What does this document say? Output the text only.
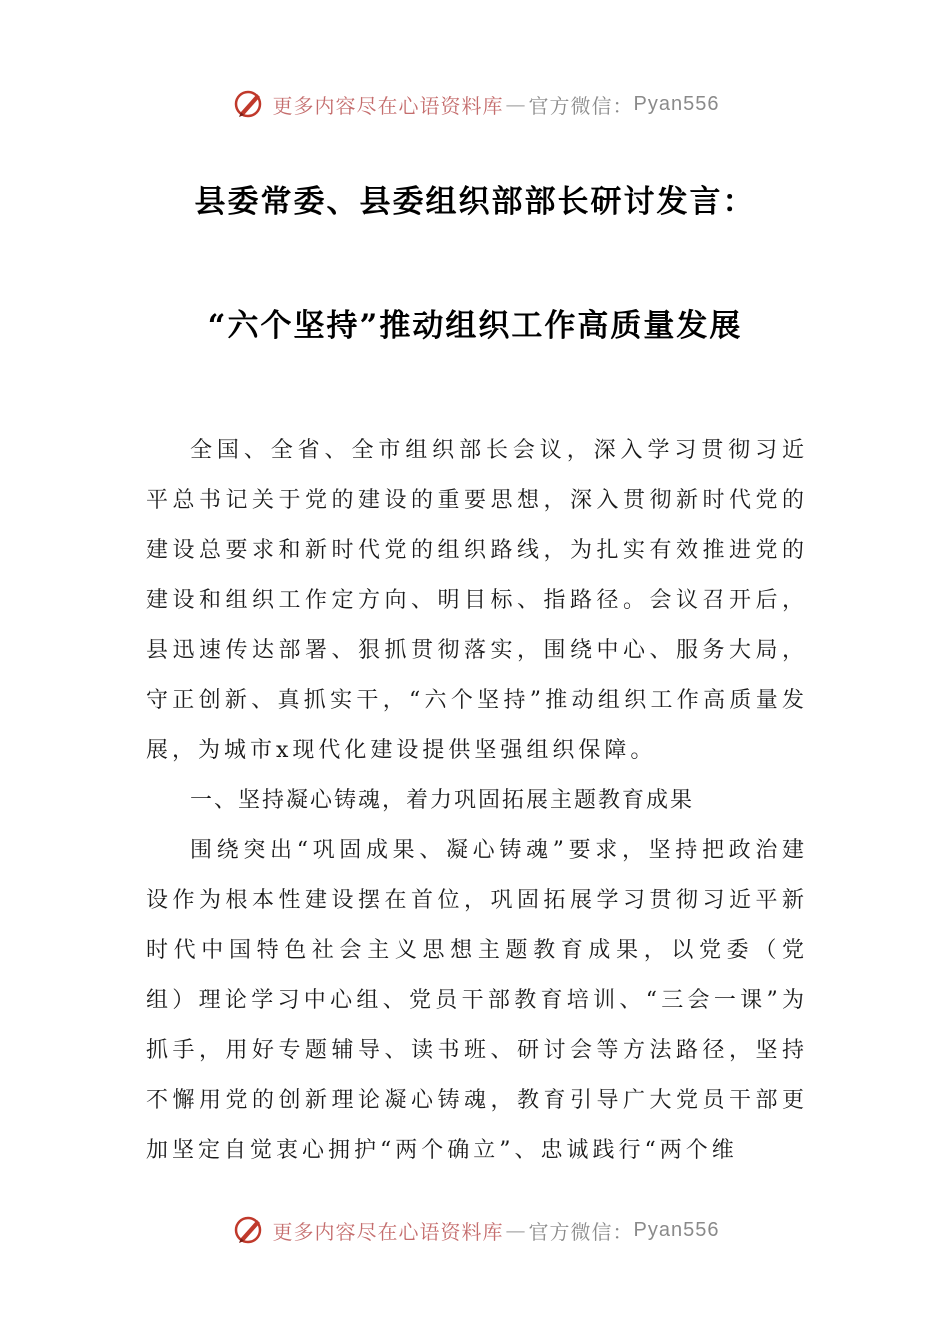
更多内容尽在心语资料库 — 官方微信： Pyan556
县委常委、县委组织部部长研讨发言：
“六个坚持”推动组织工作高质量发展

全国、全省、全市组织部长会议，深入学习贯彻习近平总书记关于党的建设的重要思想，深入贯彻新时代党的建设总要求和新时代党的组织路线，为扎实有效推进党的建设和组织工作定方向、明目标、指路径。会议召开后，县迅速传达部署、狠抓贯彻落实，围绕中心、服务大局，守正创新、真抓实干，“六个坚持”推动组织工作高质量发展，为城市x现代化建设提供坚强组织保障。

一、坚持凝心铸魂，着力巩固拓展主题教育成果

围绕突出“巩固成果、凝心铸魂”要求，坚持把政治建设作为根本性建设摆在首位，巩固拓展学习贯彻习近平新时代中国特色社会主义思想主题教育成果，以党委（党组）理论学习中心组、党员干部教育培训、“三会一课”为抓手，用好专题辅导、读书班、研讨会等方法路径，坚持不懈用党的创新理论凝心铸魂，教育引导广大党员干部更加坚定自觉衷心拥护“两个确立”、忠诚践行“两个维

更多内容尽在心语资料库 — 官方微信： Pyan556
